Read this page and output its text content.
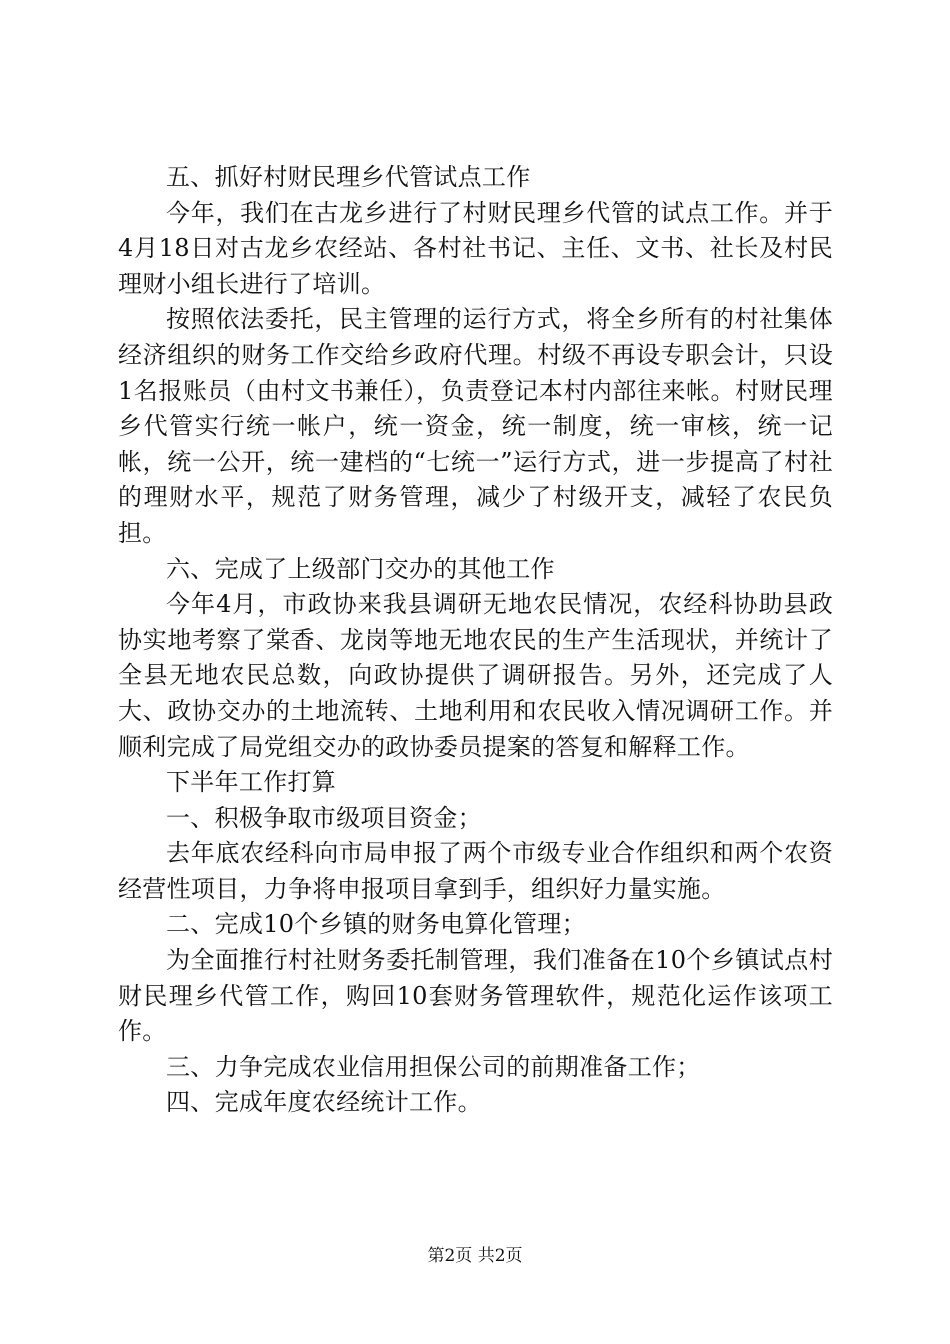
五、抓好村财民理乡代管试点工作

今年，我们在古龙乡进行了村财民理乡代管的试点工作。并于4月18日对古龙乡农经站、各村社书记、主任、文书、社长及村民理财小组长进行了培训。

按照依法委托，民主管理的运行方式，将全乡所有的村社集体经济组织的财务工作交给乡政府代理。村级不再设专职会计，只设1名报账员（由村文书兼任），负责登记本村内部往来帐。村财民理乡代管实行统一帐户，统一资金，统一制度，统一审核，统一记帐，统一公开，统一建档的“七统一”运行方式，进一步提高了村社的理财水平，规范了财务管理，减少了村级开支，减轻了农民负担。

六、完成了上级部门交办的其他工作

今年4月，市政协来我县调研无地农民情况，农经科协助县政协实地考察了棠香、龙岗等地无地农民的生产生活现状，并统计了全县无地农民总数，向政协提供了调研报告。另外，还完成了人大、政协交办的土地流转、土地利用和农民收入情况调研工作。并顺利完成了局党组交办的政协委员提案的答复和解释工作。

下半年工作打算

一、积极争取市级项目资金；

去年底农经科向市局申报了两个市级专业合作组织和两个农资经营性项目，力争将申报项目拿到手，组织好力量实施。

二、完成10个乡镇的财务电算化管理；

为全面推行村社财务委托制管理，我们准备在10个乡镇试点村财民理乡代管工作，购回10套财务管理软件，规范化运作该项工作。

三、力争完成农业信用担保公司的前期准备工作；

四、完成年度农经统计工作。

第2页 共2页
